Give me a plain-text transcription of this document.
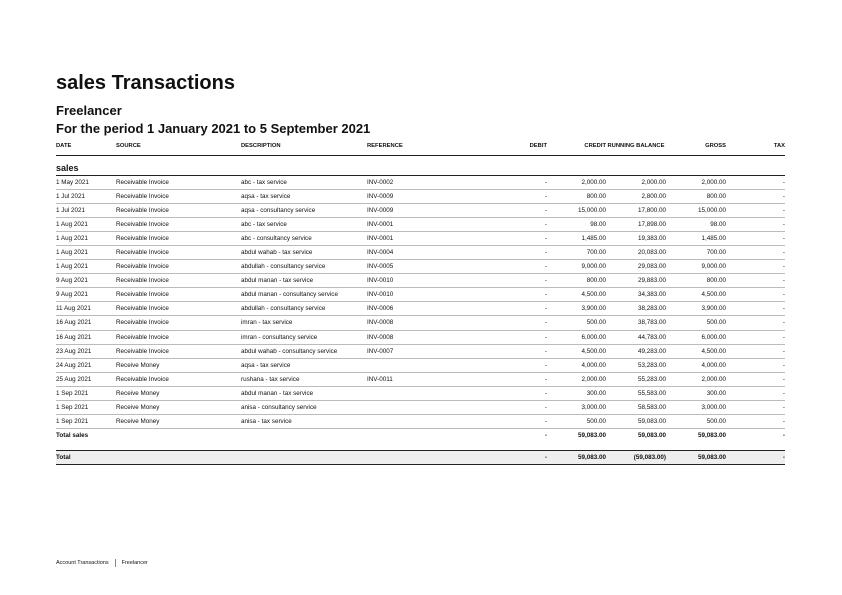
sales Transactions
Freelancer
For the period 1 January 2021 to 5 September 2021
DATE	SOURCE	DESCRIPTION	REFERENCE	DEBIT	CREDIT	RUNNING BALANCE	GROSS	TAX
sales								
1 May 2021	Receivable Invoice	abc - tax service	INV-0002	-	2,000.00	2,000.00	2,000.00	-
1 Jul 2021	Receivable Invoice	aqsa - tax service	INV-0009	-	800.00	2,800.00	800.00	-
1 Jul 2021	Receivable Invoice	aqsa - consultancy service	INV-0009	-	15,000.00	17,800.00	15,000.00	-
1 Aug 2021	Receivable Invoice	abc - tax service	INV-0001	-	98.00	17,898.00	98.00	-
1 Aug 2021	Receivable Invoice	abc - consultancy service	INV-0001	-	1,485.00	19,383.00	1,485.00	-
1 Aug 2021	Receivable Invoice	abdul wahab - tax service	INV-0004	-	700.00	20,083.00	700.00	-
1 Aug 2021	Receivable Invoice	abdullah - consultancy service	INV-0005	-	9,000.00	29,083.00	9,000.00	-
9 Aug 2021	Receivable Invoice	abdul manan - tax service	INV-0010	-	800.00	29,883.00	800.00	-
9 Aug 2021	Receivable Invoice	abdul manan - consultancy service	INV-0010	-	4,500.00	34,383.00	4,500.00	-
11 Aug 2021	Receivable Invoice	abdullah - consultancy service	INV-0006	-	3,900.00	38,283.00	3,900.00	-
16 Aug 2021	Receivable Invoice	imran - tax service	INV-0008	-	500.00	38,783.00	500.00	-
16 Aug 2021	Receivable Invoice	imran - consultancy service	INV-0008	-	6,000.00	44,783.00	6,000.00	-
23 Aug 2021	Receivable Invoice	abdul wahab - consultancy service	INV-0007	-	4,500.00	49,283.00	4,500.00	-
24 Aug 2021	Receive Money	aqsa - tax service		-	4,000.00	53,283.00	4,000.00	-
25 Aug 2021	Receivable Invoice	rushana - tax service	INV-0011	-	2,000.00	55,283.00	2,000.00	-
1 Sep 2021	Receive Money	abdul manan - tax service		-	300.00	55,583.00	300.00	-
1 Sep 2021	Receive Money	anisa - consultancy service		-	3,000.00	58,583.00	3,000.00	-
1 Sep 2021	Receive Money	anisa - tax service		-	500.00	59,083.00	500.00	-
Total sales				-	59,083.00	59,083.00	59,083.00	-

Total				-	59,083.00	(59,083.00)	59,083.00	-
Account Transactions Freelancer
